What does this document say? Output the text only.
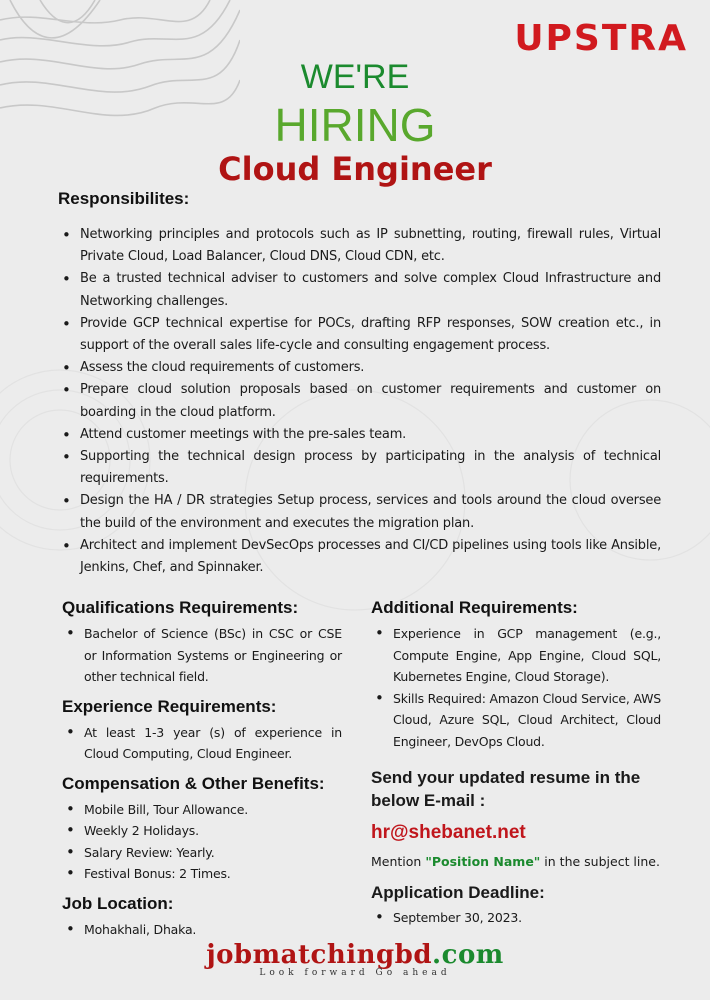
UPSTRA
WE'RE
HIRING
Cloud Engineer
Responsibilites:
• Networking principles and protocols such as IP subnetting, routing, firewall rules, Virtual Private Cloud, Load Balancer, Cloud DNS, Cloud CDN, etc.
• Be a trusted technical adviser to customers and solve complex Cloud Infrastructure and Networking challenges.
• Provide GCP technical expertise for POCs, drafting RFP responses, SOW creation etc., in support of the overall sales life-cycle and consulting engagement process.
• Assess the cloud requirements of customers.
• Prepare cloud solution proposals based on customer requirements and customer on boarding in the cloud platform.
• Attend customer meetings with the pre-sales team.
• Supporting the technical design process by participating in the analysis of technical requirements.
• Design the HA / DR strategies Setup process, services and tools around the cloud oversee the build of the environment and executes the migration plan.
• Architect and implement DevSecOps processes and CI/CD pipelines using tools like Ansible, Jenkins, Chef, and Spinnaker.
Qualifications Requirements:
• Bachelor of Science (BSc) in CSC or CSE or Information Systems or Engineering or other technical field.
Experience Requirements:
• At least 1-3 year (s) of experience in Cloud Computing, Cloud Engineer.
Compensation & Other Benefits:
• Mobile Bill, Tour Allowance.
• Weekly 2 Holidays.
• Salary Review: Yearly.
• Festival Bonus: 2 Times.
Job Location:
• Mohakhali, Dhaka.
Additional Requirements:
• Experience in GCP management (e.g., Compute Engine, App Engine, Cloud SQL, Kubernetes Engine, Cloud Storage).
• Skills Required: Amazon Cloud Service, AWS Cloud, Azure SQL, Cloud Architect, Cloud Engineer, DevOps Cloud.
Send your updated resume in the below E-mail :
hr@shebanet.net
Mention "Position Name" in the subject line.
Application Deadline:
• September 30, 2023.
jobmatchingbd.com
Look forward Go ahead
